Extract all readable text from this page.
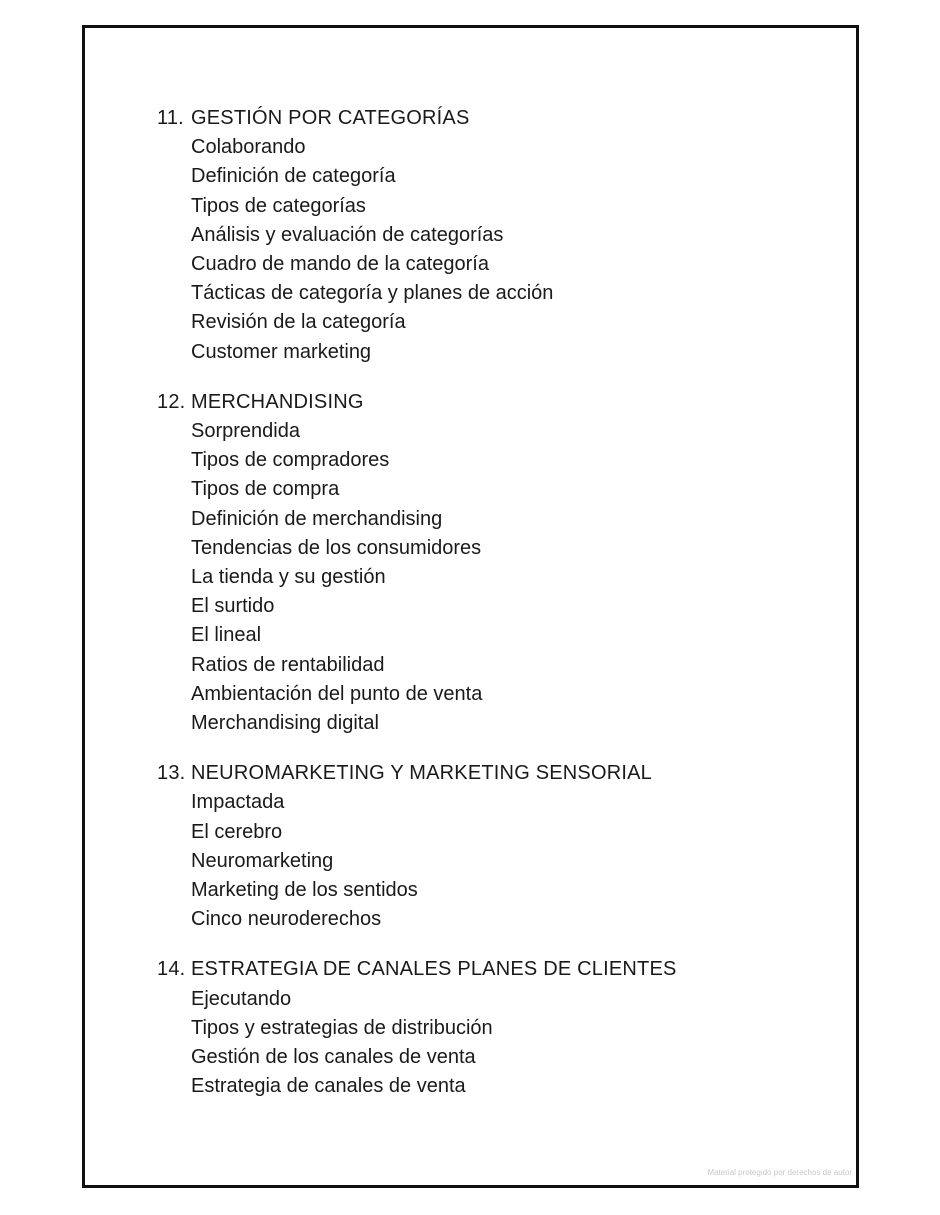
11. GESTIÓN POR CATEGORÍAS
Colaborando
Definición de categoría
Tipos de categorías
Análisis y evaluación de categorías
Cuadro de mando de la categoría
Tácticas de categoría y planes de acción
Revisión de la categoría
Customer marketing
12. MERCHANDISING
Sorprendida
Tipos de compradores
Tipos de compra
Definición de merchandising
Tendencias de los consumidores
La tienda y su gestión
El surtido
El lineal
Ratios de rentabilidad
Ambientación del punto de venta
Merchandising digital
13. NEUROMARKETING Y MARKETING SENSORIAL
Impactada
El cerebro
Neuromarketing
Marketing de los sentidos
Cinco neuroderechos
14. ESTRATEGIA DE CANALES PLANES DE CLIENTES
Ejecutando
Tipos y estrategias de distribución
Gestión de los canales de venta
Estrategia de canales de venta
Material protegido por derechos de autor
